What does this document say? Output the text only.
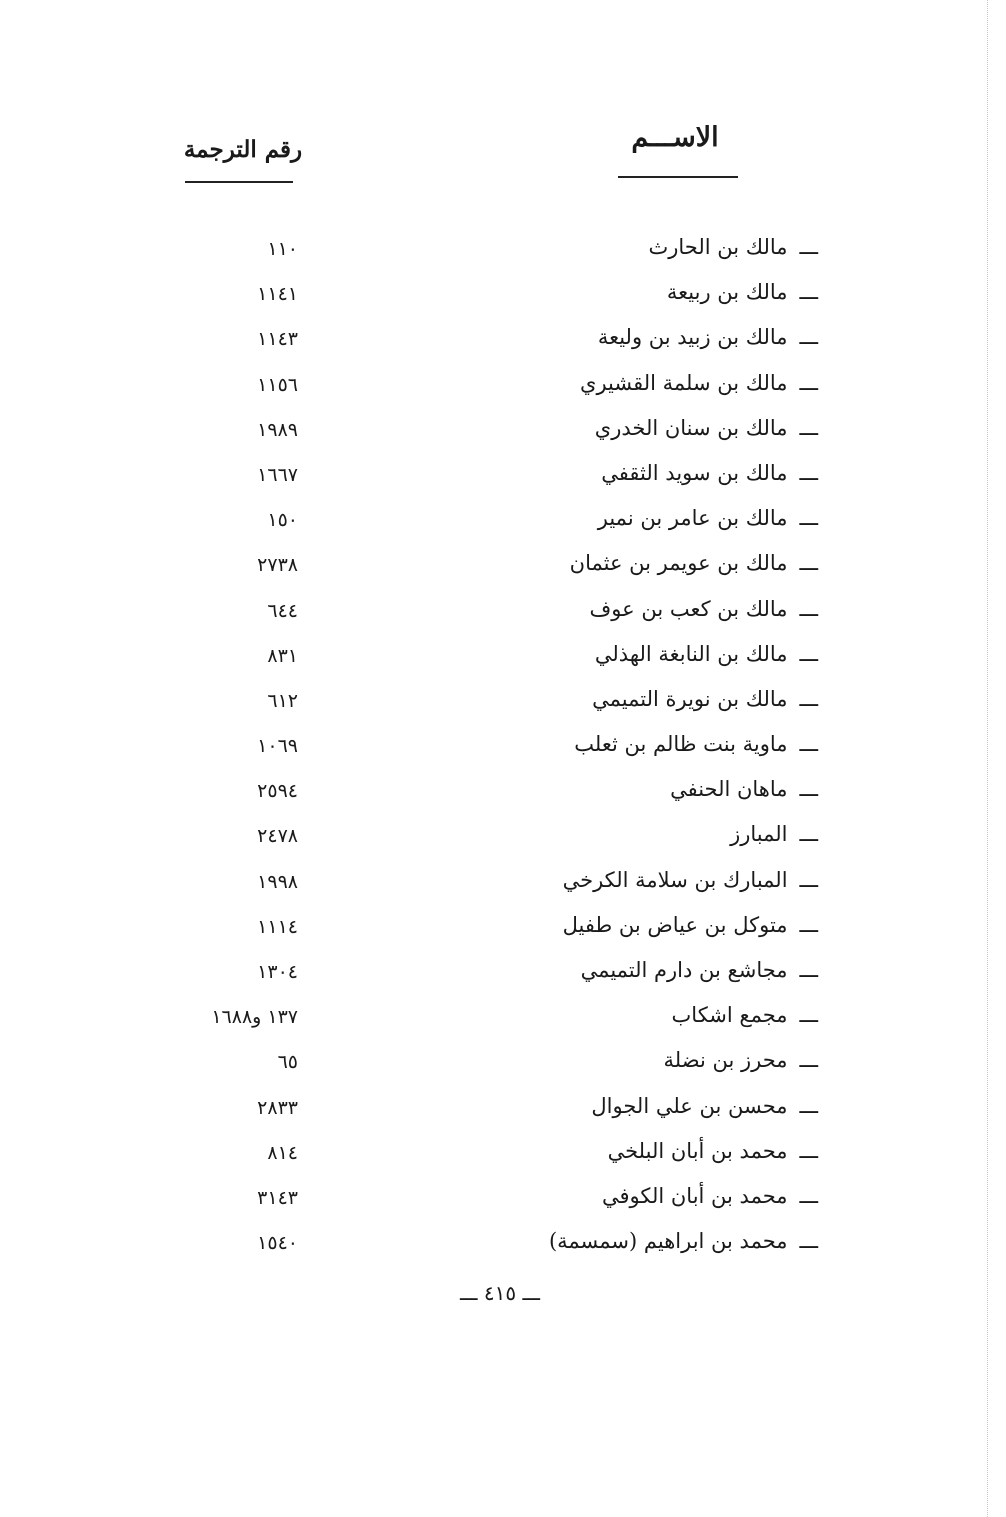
الاســـم
رقم الترجمة
ـــمالك بن الحارث
١١٠
ـــمالك بن ربيعة
١١٤١
ـــمالك بن زبيد بن وليعة
١١٤٣
ـــمالك بن سلمة القشيري
١١٥٦
ـــمالك بن سنان الخدري
١٩٨٩
ـــمالك بن سويد الثقفي
١٦٦٧
ـــمالك بن عامر بن نمير
١٥٠
ـــمالك بن عويمر بن عثمان
٢٧٣٨
ـــمالك بن كعب بن عوف
٦٤٤
ـــمالك بن النابغة الهذلي
٨٣١
ـــمالك بن نويرة التميمي
٦١٢
ـــماوية بنت ظالم بن ثعلب
١٠٦٩
ـــماهان الحنفي
٢٥٩٤
ـــالمبارز
٢٤٧٨
ـــالمبارك بن سلامة الكرخي
١٩٩٨
ـــمتوكل بن عياض بن طفيل
١١١٤
ـــمجاشع بن دارم التميمي
١٣٠٤
ـــمجمع اشكاب
١٣٧ و١٦٨٨
ـــمحرز بن نضلة
٦٥
ـــمحسن بن علي الجوال
٢٨٣٣
ـــمحمد بن أبان البلخي
٨١٤
ـــمحمد بن أبان الكوفي
٣١٤٣
ـــمحمد بن ابراهيم (سمسمة)
١٥٤٠
ـــ ٤١٥ ـــ
